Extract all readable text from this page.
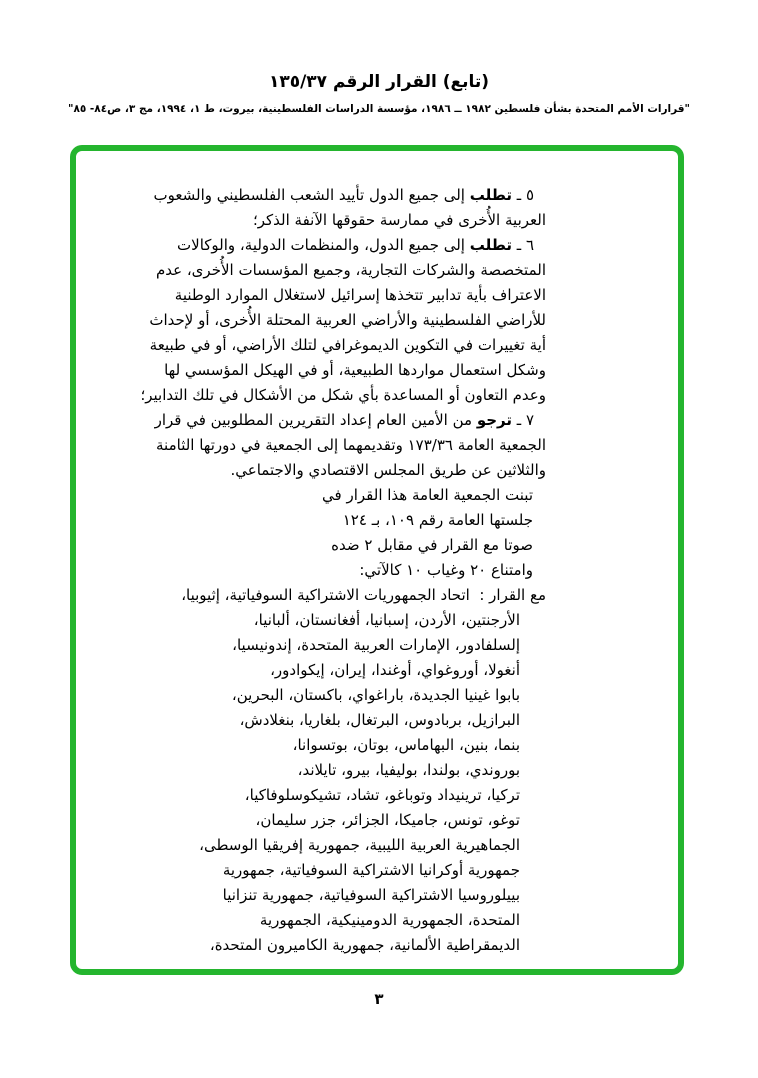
(تابع) القرار الرقم ١٣٥/٣٧
"قرارات الأمم المتحدة بشأن فلسطين ١٩٨٢ ــ ١٩٨٦، مؤسسة الدراسات الفلسطينية، بيروت، ط ١، ١٩٩٤، مج ٣، ص٨٤- ٨٥"
٥ ـ تطلب إلى جميع الدول تأييد الشعب الفلسطيني والشعوب
العربية الأُخرى في ممارسة حقوقها الآنفة الذكر؛
٦ ـ تطلب إلى جميع الدول، والمنظمات الدولية، والوكالات
المتخصصة والشركات التجارية، وجميع المؤسسات الأُخرى، عدم
الاعتراف بأية تدابير تتخذها إسرائيل لاستغلال الموارد الوطنية
للأراضي الفلسطينية والأراضي العربية المحتلة الأُخرى، أو لإحداث
أية تغييرات في التكوين الديموغرافي لتلك الأراضي، أو في طبيعة
وشكل استعمال مواردها الطبيعية، أو في الهيكل المؤسسي لها
وعدم التعاون أو المساعدة بأي شكل من الأشكال في تلك التدابير؛
٧ ـ ترجو من الأمين العام إعداد التقريرين المطلوبين في قرار
الجمعية العامة ١٧٣/٣٦ وتقديمهما إلى الجمعية في دورتها الثامنة
والثلاثين عن طريق المجلس الاقتصادي والاجتماعي.
تبنت الجمعية العامة هذا القرار في
جلستها العامة رقم ١٠٩، بـ ١٢٤
صوتا مع القرار في مقابل ٢ ضده
وامتناع ٢٠ وغياب ١٠ كالآتي:
مع القرار :  اتحاد الجمهوريات الاشتراكية السوفياتية، إثيوبيا،
الأرجنتين، الأردن، إسبانيا، أفغانستان، ألبانيا،
إلسلفادور، الإمارات العربية المتحدة، إندونيسيا،
أنغولا، أوروغواي، أوغندا، إيران، إيكوادور،
بابوا غينيا الجديدة، باراغواي، باكستان، البحرين،
البرازيل، بربادوس، البرتغال، بلغاريا، بنغلادش،
بنما، بنين، البهاماس، بوتان، بوتسوانا،
بوروندي، بولندا، بوليفيا، بيرو، تايلاند،
تركيا، ترينيداد وتوباغو، تشاد، تشيكوسلوفاكيا،
توغو، تونس، جاميكا، الجزائر، جزر سليمان،
الجماهيرية العربية الليبية، جمهورية إفريقيا الوسطى،
جمهورية أوكرانيا الاشتراكية السوفياتية، جمهورية
بييلوروسيا الاشتراكية السوفياتية، جمهورية تنزانيا
المتحدة، الجمهورية الدومينيكية، الجمهورية
الديمقراطية الألمانية، جمهورية الكاميرون المتحدة،
٣
